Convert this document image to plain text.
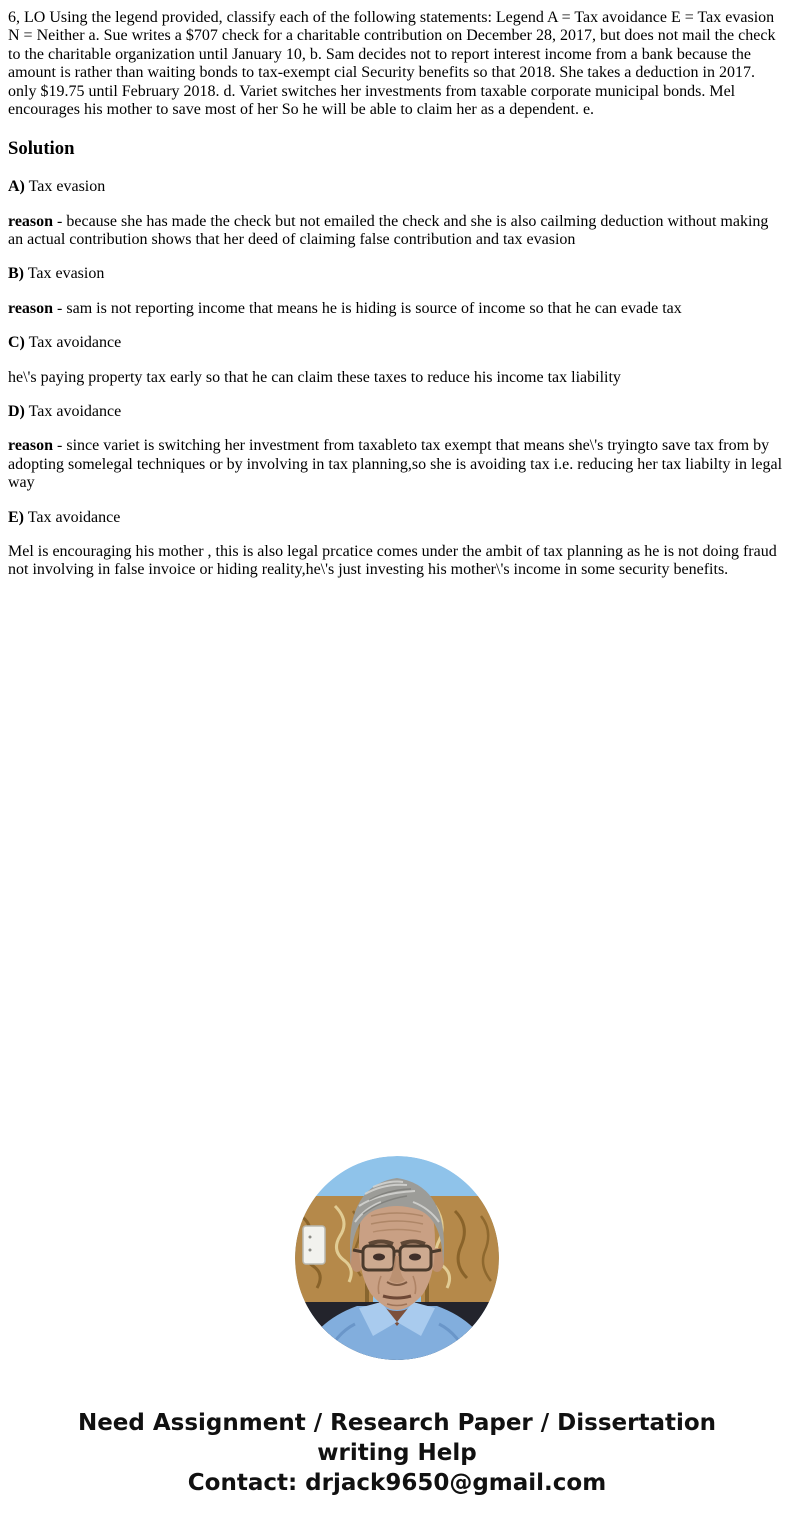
6, LO Using the legend provided, classify each of the following statements: Legend A = Tax avoidance E = Tax evasion N = Neither a. Sue writes a $707 check for a charitable contribution on December 28, 2017, but does not mail the check to the charitable organization until January 10, b. Sam decides not to report interest income from a bank because the amount is rather than waiting bonds to tax-exempt cial Security benefits so that 2018. She takes a deduction in 2017. only $19.75 until February 2018. d. Variet switches her investments from taxable corporate municipal bonds. Mel encourages his mother to save most of her So he will be able to claim her as a dependent. e.

Solution

A) Tax evasion

reason - because she has made the check but not emailed the check and she is also cailming deduction without making an actual contribution shows that her deed of claiming false contribution and tax evasion

B) Tax evasion

reason - sam is not reporting income that means he is hiding is source of income so that he can evade tax

C) Tax avoidance

he\'s paying property tax early so that he can claim these taxes to reduce his income tax liability

D) Tax avoidance

reason - since variet is switching her investment from taxableto tax exempt that means she\'s tryingto save tax from by adopting somelegal techniques or by involving in tax planning,so she is avoiding tax i.e. reducing her tax liabilty in legal way

E) Tax avoidance

Mel is encouraging his mother , this is also legal prcatice comes under the ambit of tax planning as he is not doing fraud not involving in false invoice or hiding reality,he\'s just investing his mother\'s income in some security benefits.

Need Assignment / Research Paper / Dissertation
writing Help
Contact: drjack9650@gmail.com
